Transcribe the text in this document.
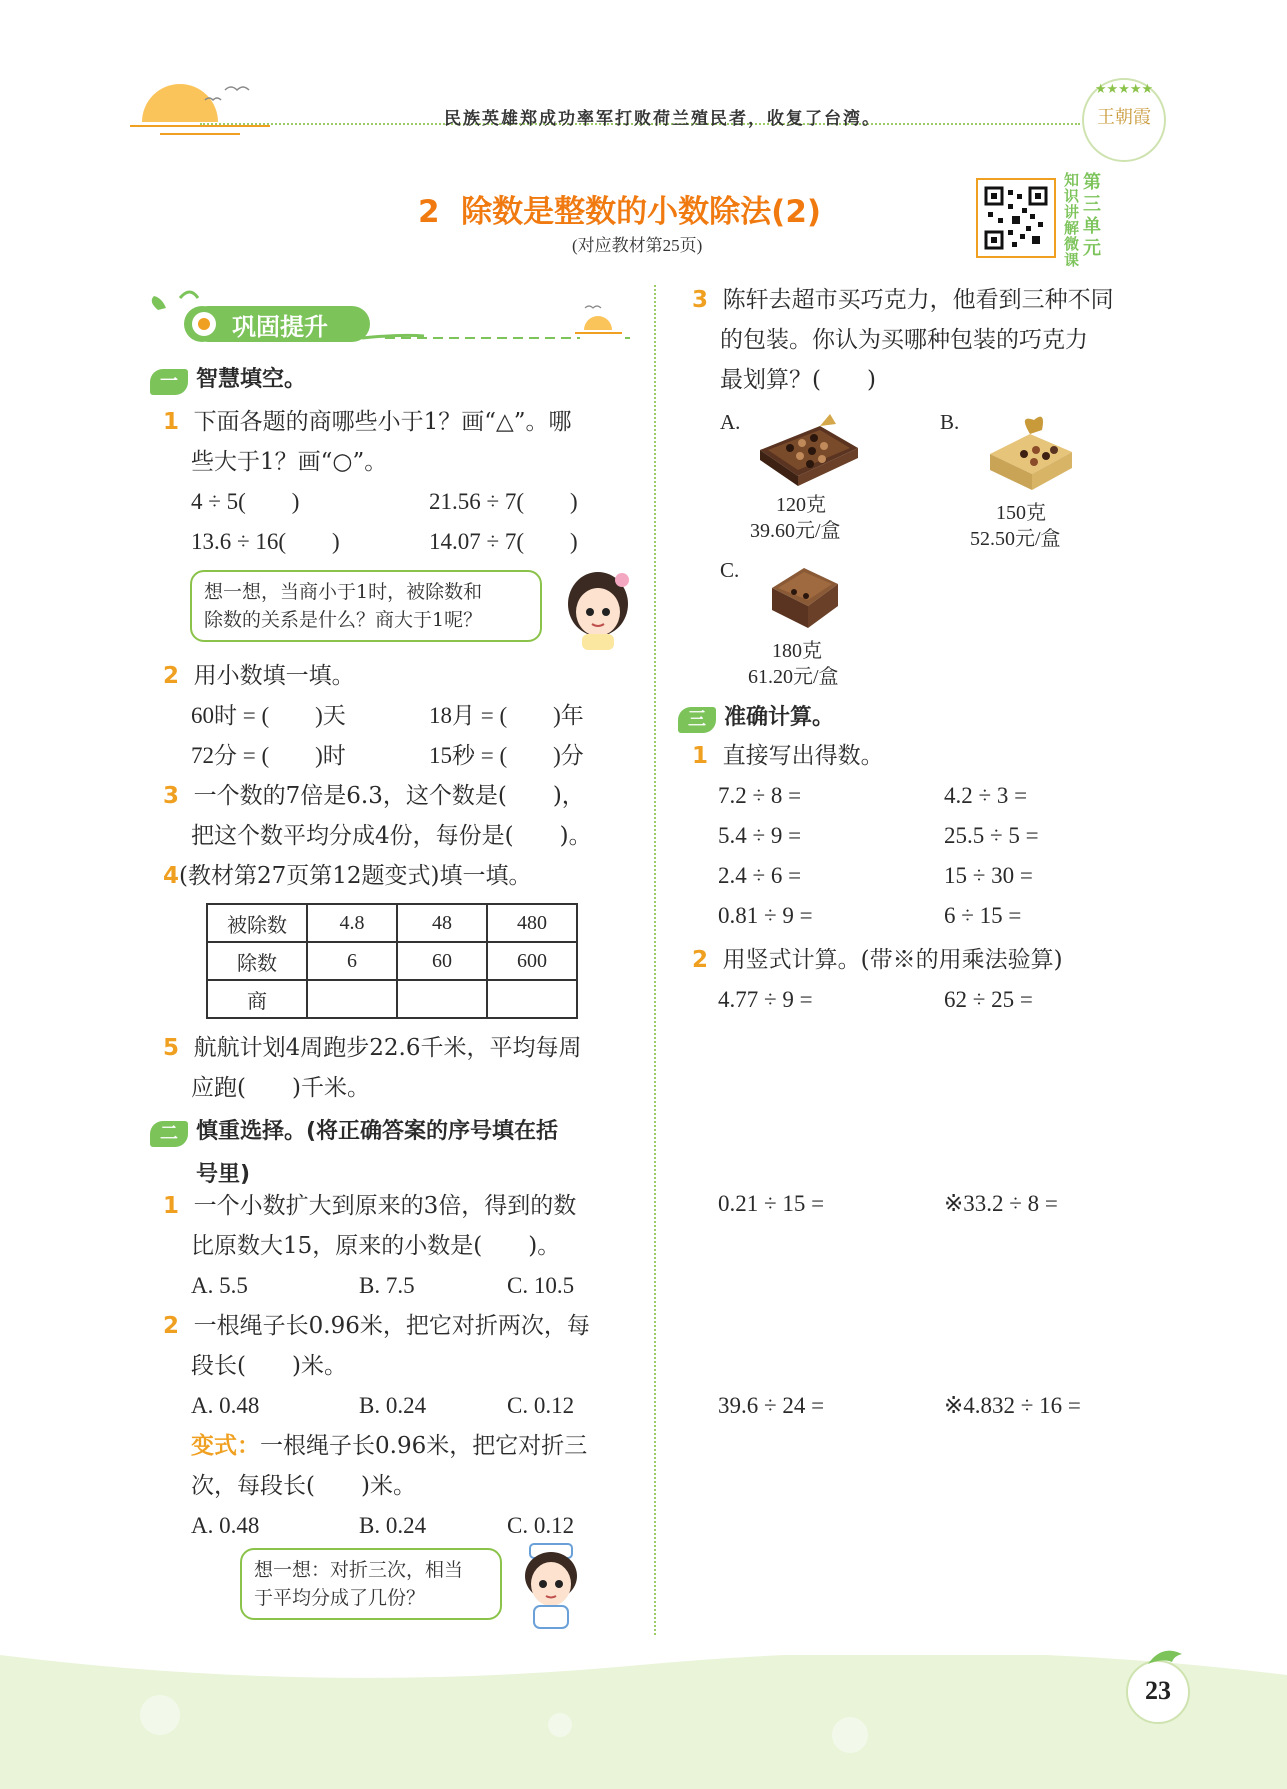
民族英雄郑成功率军打败荷兰殖民者，收复了台湾。
★★★★★
王朝霞
2 除数是整数的小数除法(2)
(对应教材第25页)
知识讲解微课
第三单元
巩固提升
一 智慧填空。
1 下面各题的商哪些小于1？画“△”。哪
些大于1？画“○”。
4 ÷ 5(　　)	21.56 ÷ 7(　　)
13.6 ÷ 16(　　)	14.07 ÷ 7(　　)
想一想，当商小于1时，被除数和
除数的关系是什么？商大于1呢？
2 用小数填一填。
60时 = (　　)天	18月 = (　　)年
72分 = (　　)时	15秒 = (　　)分
3 一个数的7倍是6.3，这个数是(　　)，
把这个数平均分成4份，每份是(　　)。
4(教材第27页第12题变式)填一填。
被除数	4.8	48	480
除数	6	60	600
商			
5 航航计划4周跑步22.6千米，平均每周
应跑(　　)千米。
二 慎重选择。(将正确答案的序号填在括
号里)
1 一个小数扩大到原来的3倍，得到的数
比原数大15，原来的小数是(　　)。
A. 5.5	B. 7.5	C. 10.5
2 一根绳子长0.96米，把它对折两次，每
段长(　　)米。
A. 0.48	B. 0.24	C. 0.12
变式：一根绳子长0.96米，把它对折三
次，每段长(　　)米。
A. 0.48	B. 0.24	C. 0.12
想一想：对折三次，相当
于平均分成了几份？
3 陈轩去超市买巧克力，他看到三种不同
的包装。你认为买哪种包装的巧克力
最划算？(　　)
A.
120克
39.60元/盒
B.
150克
52.50元/盒
C.
180克
61.20元/盒
三 准确计算。
1 直接写出得数。
7.2 ÷ 8 =	4.2 ÷ 3 =
5.4 ÷ 9 =	25.5 ÷ 5 =
2.4 ÷ 6 =	15 ÷ 30 =
0.81 ÷ 9 =	6 ÷ 15 =
2 用竖式计算。(带※的用乘法验算)
4.77 ÷ 9 =	62 ÷ 25 =
0.21 ÷ 15 =	※33.2 ÷ 8 =
39.6 ÷ 24 =	※4.832 ÷ 16 =
23
